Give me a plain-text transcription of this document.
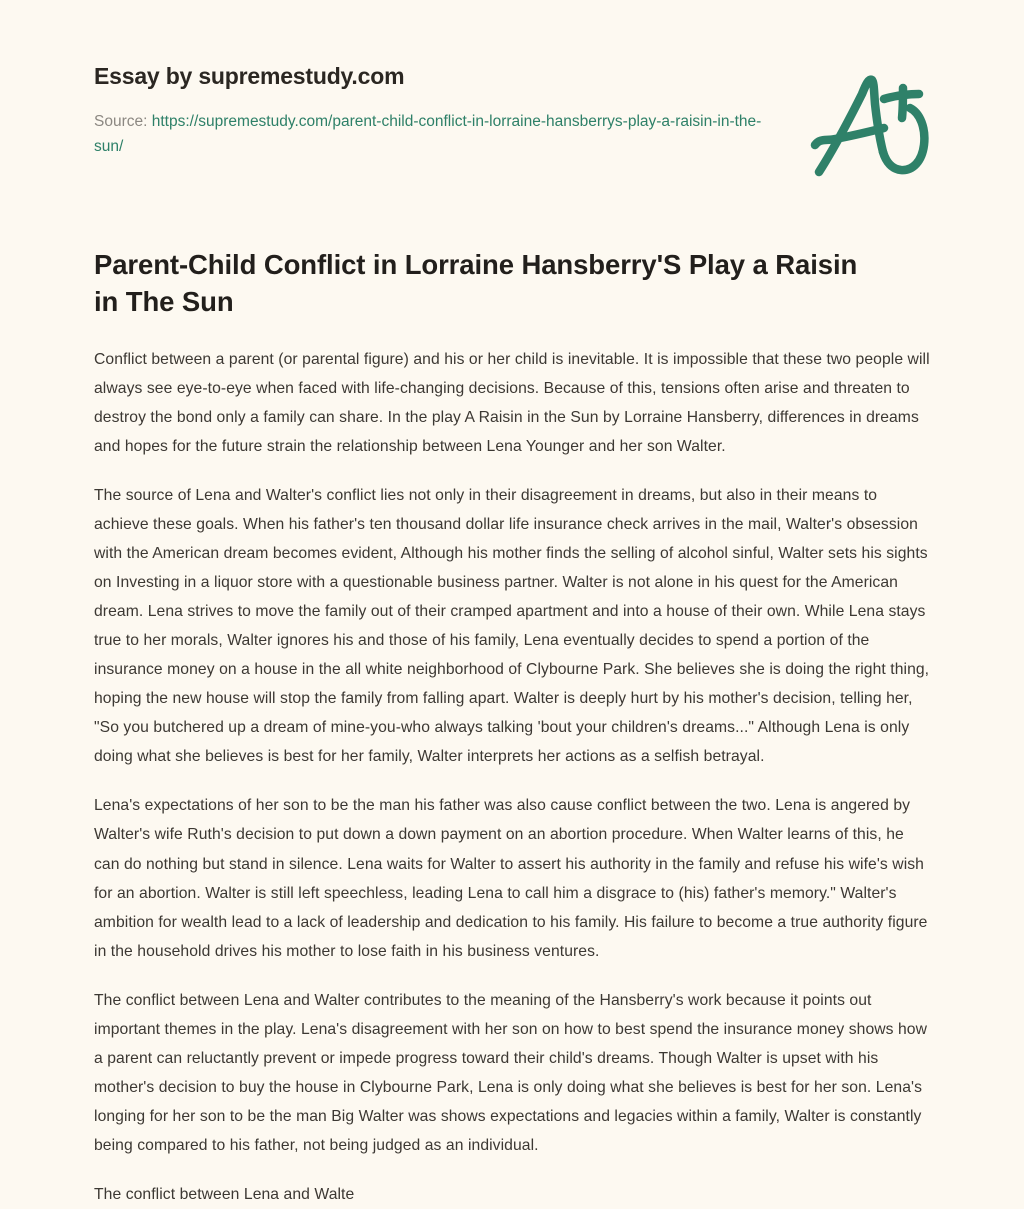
Essay by supremestudy.com
Source: https://supremestudy.com/parent-child-conflict-in-lorraine-hansberrys-play-a-raisin-in-the-sun/
Parent-Child Conflict in Lorraine Hansberry'S Play a Raisin in The Sun

Conflict between a parent (or parental figure) and his or her child is inevitable. It is impossible that these two people will always see eye-to-eye when faced with life-changing decisions. Because of this, tensions often arise and threaten to destroy the bond only a family can share. In the play A Raisin in the Sun by Lorraine Hansberry, differences in dreams and hopes for the future strain the relationship between Lena Younger and her son Walter.

The source of Lena and Walter's conflict lies not only in their disagreement in dreams, but also in their means to achieve these goals. When his father's ten thousand dollar life insurance check arrives in the mail, Walter's obsession with the American dream becomes evident, Although his mother finds the selling of alcohol sinful, Walter sets his sights on Investing in a liquor store with a questionable business partner. Walter is not alone in his quest for the American dream. Lena strives to move the family out of their cramped apartment and into a house of their own. While Lena stays true to her morals, Walter ignores his and those of his family, Lena eventually decides to spend a portion of the insurance money on a house in the all white neighborhood of Clybourne Park. She believes she is doing the right thing, hoping the new house will stop the family from falling apart. Walter is deeply hurt by his mother's decision, telling her, "So you butchered up a dream of mine-you-who always talking 'bout your children's dreams..." Although Lena is only doing what she believes is best for her family, Walter interprets her actions as a selfish betrayal.

Lena's expectations of her son to be the man his father was also cause conflict between the two. Lena is angered by Walter's wife Ruth's decision to put down a down payment on an abortion procedure. When Walter learns of this, he can do nothing but stand in silence. Lena waits for Walter to assert his authority in the family and refuse his wife's wish for an abortion. Walter is still left speechless, leading Lena to call him a disgrace to (his) father's memory." Walter's ambition for wealth lead to a lack of leadership and dedication to his family. His failure to become a true authority figure in the household drives his mother to lose faith in his business ventures.

The conflict between Lena and Walter contributes to the meaning of the Hansberry's work because it points out important themes in the play. Lena's disagreement with her son on how to best spend the insurance money shows how a parent can reluctantly prevent or impede progress toward their child's dreams. Though Walter is upset with his mother's decision to buy the house in Clybourne Park, Lena is only doing what she believes is best for her son. Lena's longing for her son to be the man Big Walter was shows expectations and legacies within a family, Walter is constantly being compared to his father, not being judged as an individual.

The conflict between Lena and Walte
